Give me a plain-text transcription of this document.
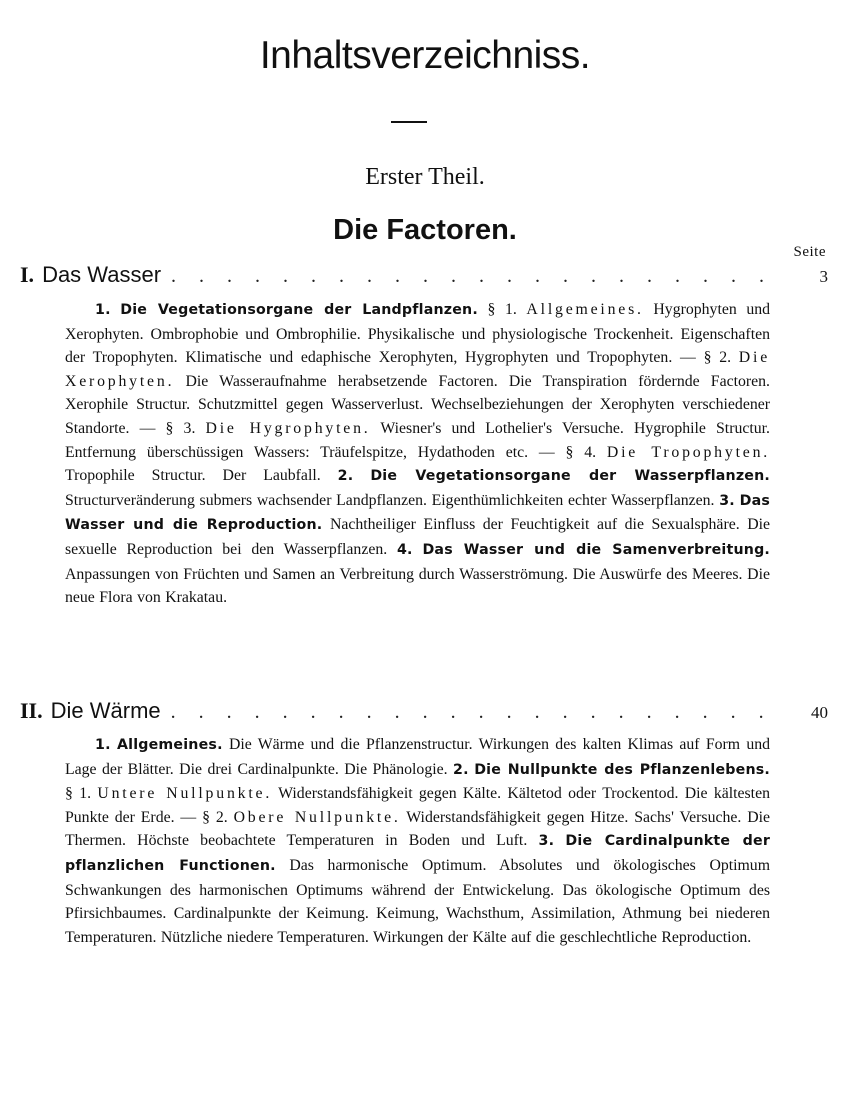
Inhaltsverzeichniss.
Erster Theil.
Die Factoren.
Seite
I. Das Wasser . . .	3

1. Die Vegetationsorgane der Landpflanzen. § 1. Allgemeines. Hygrophyten und Xerophyten. Ombrophobie und Ombrophilie. Physikalische und physiologische Trockenheit. Eigenschaften der Tropophyten. Klimatische und edaphische Xerophyten, Hygrophyten und Tropophyten. — § 2. Die Xerophyten. Die Wasseraufnahme herabsetzende Factoren. Die Transpiration fördernde Factoren. Xerophile Structur. Schutzmittel gegen Wasserverlust. Wechselbeziehungen der Xerophyten verschiedener Standorte. — § 3. Die Hygrophyten. Wiesner's und Lothelier's Versuche. Hygrophile Structur. Entfernung überschüssigen Wassers: Träufelspitze, Hydathoden etc. — § 4. Die Tropophyten. Tropophile Structur. Der Laubfall. 2. Die Vegetationsorgane der Wasserpflanzen. Structurveränderung submers wachsender Landpflanzen. Eigenthümlichkeiten echter Wasserpflanzen. 3. Das Wasser und die Reproduction. Nachtheiliger Einfluss der Feuchtigkeit auf die Sexualsphäre. Die sexuelle Reproduction bei den Wasserpflanzen. 4. Das Wasser und die Samenverbreitung. Anpassungen von Früchten und Samen an Verbreitung durch Wasserströmung. Die Auswürfe des Meeres. Die neue Flora von Krakatau.

II. Die Wärme . . .	40

1. Allgemeines. Die Wärme und die Pflanzenstructur. Wirkungen des kalten Klimas auf Form und Lage der Blätter. Die drei Cardinalpunkte. Die Phänologie. 2. Die Nullpunkte des Pflanzenlebens. § 1. Untere Nullpunkte. Widerstandsfähigkeit gegen Kälte. Kältetod oder Trockentod. Die kältesten Punkte der Erde. — § 2. Obere Nullpunkte. Widerstandsfähigkeit gegen Hitze. Sachs' Versuche. Die Thermen. Höchste beobachtete Temperaturen in Boden und Luft. 3. Die Cardinalpunkte der pflanzlichen Functionen. Das harmonische Optimum. Absolutes und ökologisches Optimum Schwankungen des harmonischen Optimums während der Entwickelung. Das ökologische Optimum des Pfirsichbaumes. Cardinalpunkte der Keimung. Keimung, Wachsthum, Assimilation, Athmung bei niederen Temperaturen. Nützliche niedere Temperaturen. Wirkungen der Kälte auf die geschlechtliche Reproduction.
